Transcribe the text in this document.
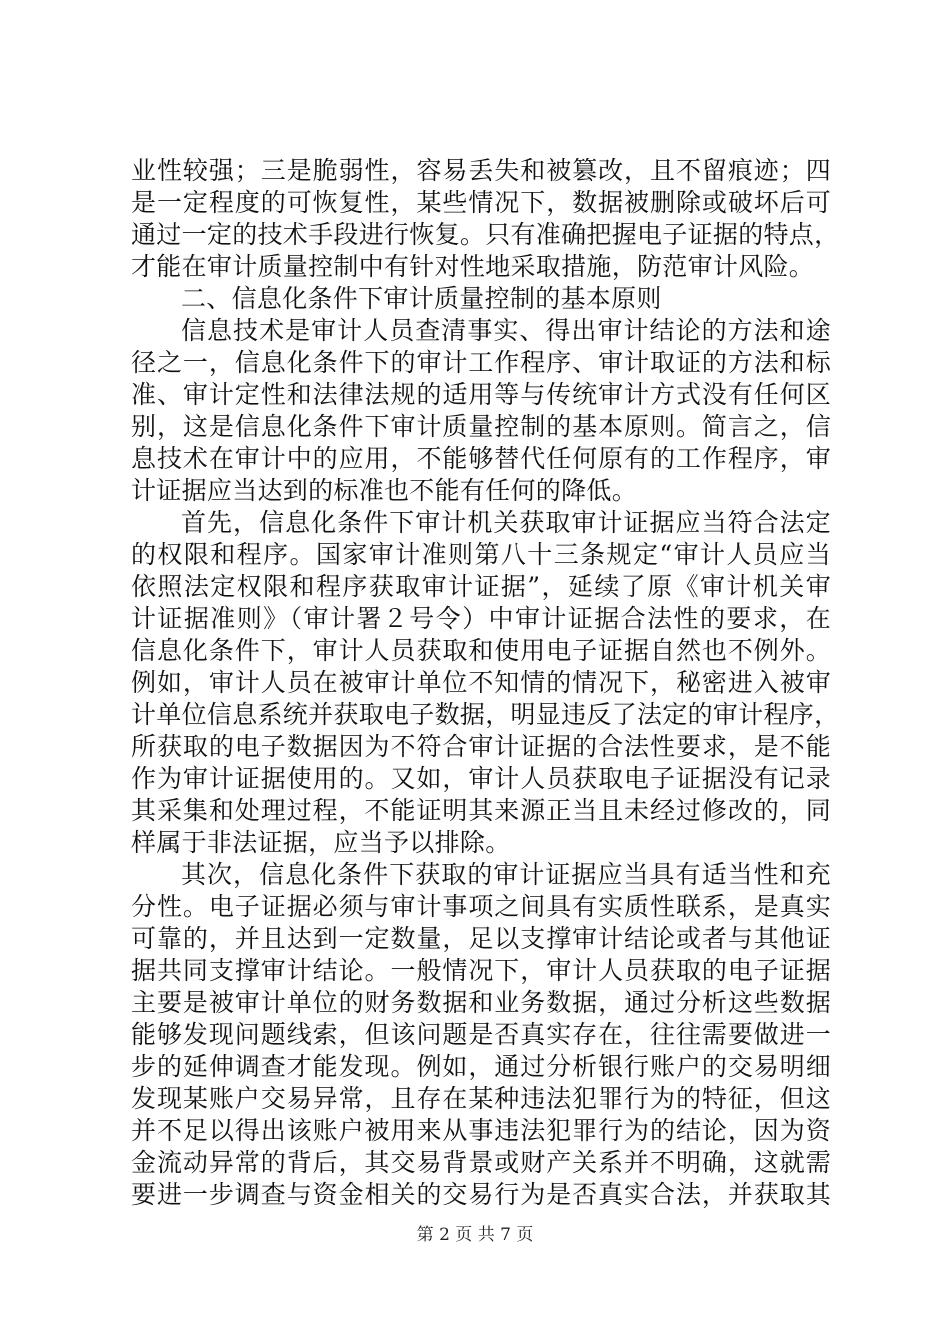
业性较强；三是脆弱性，容易丢失和被篡改，且不留痕迹；四
是一定程度的可恢复性，某些情况下，数据被删除或破坏后可
通过一定的技术手段进行恢复。只有准确把握电子证据的特点，
才能在审计质量控制中有针对性地采取措施，防范审计风险。
二、信息化条件下审计质量控制的基本原则
信息技术是审计人员查清事实、得出审计结论的方法和途
径之一，信息化条件下的审计工作程序、审计取证的方法和标
准、审计定性和法律法规的适用等与传统审计方式没有任何区
别，这是信息化条件下审计质量控制的基本原则。简言之，信
息技术在审计中的应用，不能够替代任何原有的工作程序，审
计证据应当达到的标准也不能有任何的降低。
首先，信息化条件下审计机关获取审计证据应当符合法定
的权限和程序。国家审计准则第八十三条规定“审计人员应当
依照法定权限和程序获取审计证据”，延续了原《审计机关审
计证据准则》（审计署２号令）中审计证据合法性的要求，在
信息化条件下，审计人员获取和使用电子证据自然也不例外。
例如，审计人员在被审计单位不知情的情况下，秘密进入被审
计单位信息系统并获取电子数据，明显违反了法定的审计程序，
所获取的电子数据因为不符合审计证据的合法性要求，是不能
作为审计证据使用的。又如，审计人员获取电子证据没有记录
其采集和处理过程，不能证明其来源正当且未经过修改的，同
样属于非法证据，应当予以排除。
其次，信息化条件下获取的审计证据应当具有适当性和充
分性。电子证据必须与审计事项之间具有实质性联系，是真实
可靠的，并且达到一定数量，足以支撑审计结论或者与其他证
据共同支撑审计结论。一般情况下，审计人员获取的电子证据
主要是被审计单位的财务数据和业务数据，通过分析这些数据
能够发现问题线索，但该问题是否真实存在，往往需要做进一
步的延伸调查才能发现。例如，通过分析银行账户的交易明细
发现某账户交易异常，且存在某种违法犯罪行为的特征，但这
并不足以得出该账户被用来从事违法犯罪行为的结论，因为资
金流动异常的背后，其交易背景或财产关系并不明确，这就需
要进一步调查与资金相关的交易行为是否真实合法，并获取其
第 2 页 共 7 页
